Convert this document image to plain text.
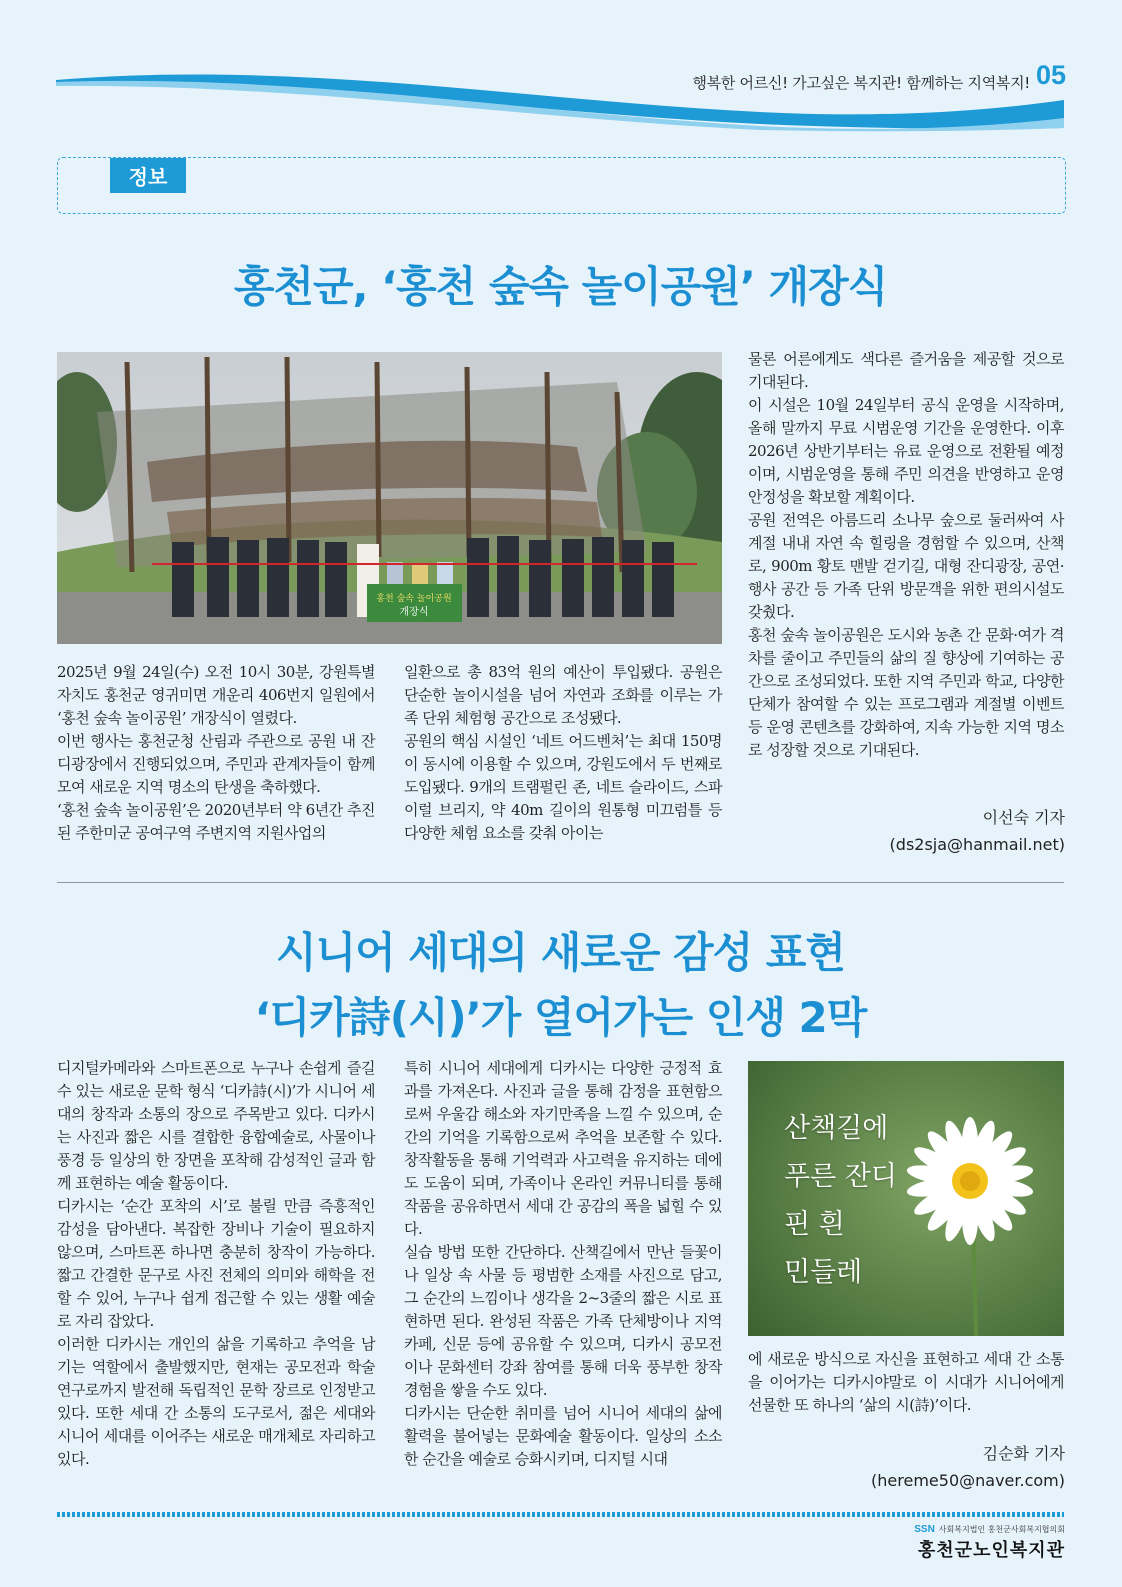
행복한 어르신! 가고싶은 복지관! 함께하는 지역복지! 05
정보
홍천군, ‘홍천 숲속 놀이공원’ 개장식
홍천 숲속 놀이공원
개장식

2025년 9월 24일(수) 오전 10시 30분, 강원특별자치도 홍천군 영귀미면 개운리 406번지 일원에서 ‘홍천 숲속 놀이공원’ 개장식이 열렸다.

이번 행사는 홍천군청 산림과 주관으로 공원 내 잔디광장에서 진행되었으며, 주민과 관계자들이 함께 모여 새로운 지역 명소의 탄생을 축하했다.

‘홍천 숲속 놀이공원’은 2020년부터 약 6년간 추진된 주한미군 공여구역 주변지역 지원사업의

일환으로 총 83억 원의 예산이 투입됐다. 공원은 단순한 놀이시설을 넘어 자연과 조화를 이루는 가족 단위 체험형 공간으로 조성됐다.

공원의 핵심 시설인 ‘네트 어드벤처’는 최대 150명이 동시에 이용할 수 있으며, 강원도에서 두 번째로 도입됐다. 9개의 트램펄린 존, 네트 슬라이드, 스파이럴 브리지, 약 40m 길이의 원통형 미끄럼틀 등 다양한 체험 요소를 갖춰 아이는

물론 어른에게도 색다른 즐거움을 제공할 것으로 기대된다.

이 시설은 10월 24일부터 공식 운영을 시작하며, 올해 말까지 무료 시범운영 기간을 운영한다. 이후 2026년 상반기부터는 유료 운영으로 전환될 예정이며, 시범운영을 통해 주민 의견을 반영하고 운영 안정성을 확보할 계획이다.

공원 전역은 아름드리 소나무 숲으로 둘러싸여 사계절 내내 자연 속 힐링을 경험할 수 있으며, 산책로, 900m 황토 맨발 걷기길, 대형 잔디광장, 공연·행사 공간 등 가족 단위 방문객을 위한 편의시설도 갖췄다.

홍천 숲속 놀이공원은 도시와 농촌 간 문화·여가 격차를 줄이고 주민들의 삶의 질 향상에 기여하는 공간으로 조성되었다. 또한 지역 주민과 학교, 다양한 단체가 참여할 수 있는 프로그램과 계절별 이벤트 등 운영 콘텐츠를 강화하여, 지속 가능한 지역 명소로 성장할 것으로 기대된다.

이선숙 기자
(ds2sja@hanmail.net)
시니어 세대의 새로운 감성 표현
‘디카詩(시)’가 열어가는 인생 2막

디지털카메라와 스마트폰으로 누구나 손쉽게 즐길 수 있는 새로운 문학 형식 ‘디카詩(시)’가 시니어 세대의 창작과 소통의 장으로 주목받고 있다. 디카시는 사진과 짧은 시를 결합한 융합예술로, 사물이나 풍경 등 일상의 한 장면을 포착해 감성적인 글과 함께 표현하는 예술 활동이다.

디카시는 ‘순간 포착의 시’로 불릴 만큼 즉흥적인 감성을 담아낸다. 복잡한 장비나 기술이 필요하지 않으며, 스마트폰 하나면 충분히 창작이 가능하다. 짧고 간결한 문구로 사진 전체의 의미와 해학을 전할 수 있어, 누구나 쉽게 접근할 수 있는 생활 예술로 자리 잡았다.

이러한 디카시는 개인의 삶을 기록하고 추억을 남기는 역할에서 출발했지만, 현재는 공모전과 학술연구로까지 발전해 독립적인 문학 장르로 인정받고 있다. 또한 세대 간 소통의 도구로서, 젊은 세대와 시니어 세대를 이어주는 새로운 매개체로 자리하고 있다.

특히 시니어 세대에게 디카시는 다양한 긍정적 효과를 가져온다. 사진과 글을 통해 감정을 표현함으로써 우울감 해소와 자기만족을 느낄 수 있으며, 순간의 기억을 기록함으로써 추억을 보존할 수 있다. 창작활동을 통해 기억력과 사고력을 유지하는 데에도 도움이 되며, 가족이나 온라인 커뮤니티를 통해 작품을 공유하면서 세대 간 공감의 폭을 넓힐 수 있다.

실습 방법 또한 간단하다. 산책길에서 만난 들꽃이나 일상 속 사물 등 평범한 소재를 사진으로 담고, 그 순간의 느낌이나 생각을 2~3줄의 짧은 시로 표현하면 된다. 완성된 작품은 가족 단체방이나 지역 카페, 신문 등에 공유할 수 있으며, 디카시 공모전이나 문화센터 강좌 참여를 통해 더욱 풍부한 창작 경험을 쌓을 수도 있다.

디카시는 단순한 취미를 넘어 시니어 세대의 삶에 활력을 불어넣는 문화예술 활동이다. 일상의 소소한 순간을 예술로 승화시키며, 디지털 시대

산책길에
푸른 잔디
핀 흰
민들레

에 새로운 방식으로 자신을 표현하고 세대 간 소통을 이어가는 디카시야말로 이 시대가 시니어에게 선물한 또 하나의 ‘삶의 시(詩)’이다.

김순화 기자
(hereme50@naver.com)
SSN 사회복지법인 홍천군사회복지협의회
홍천군노인복지관
